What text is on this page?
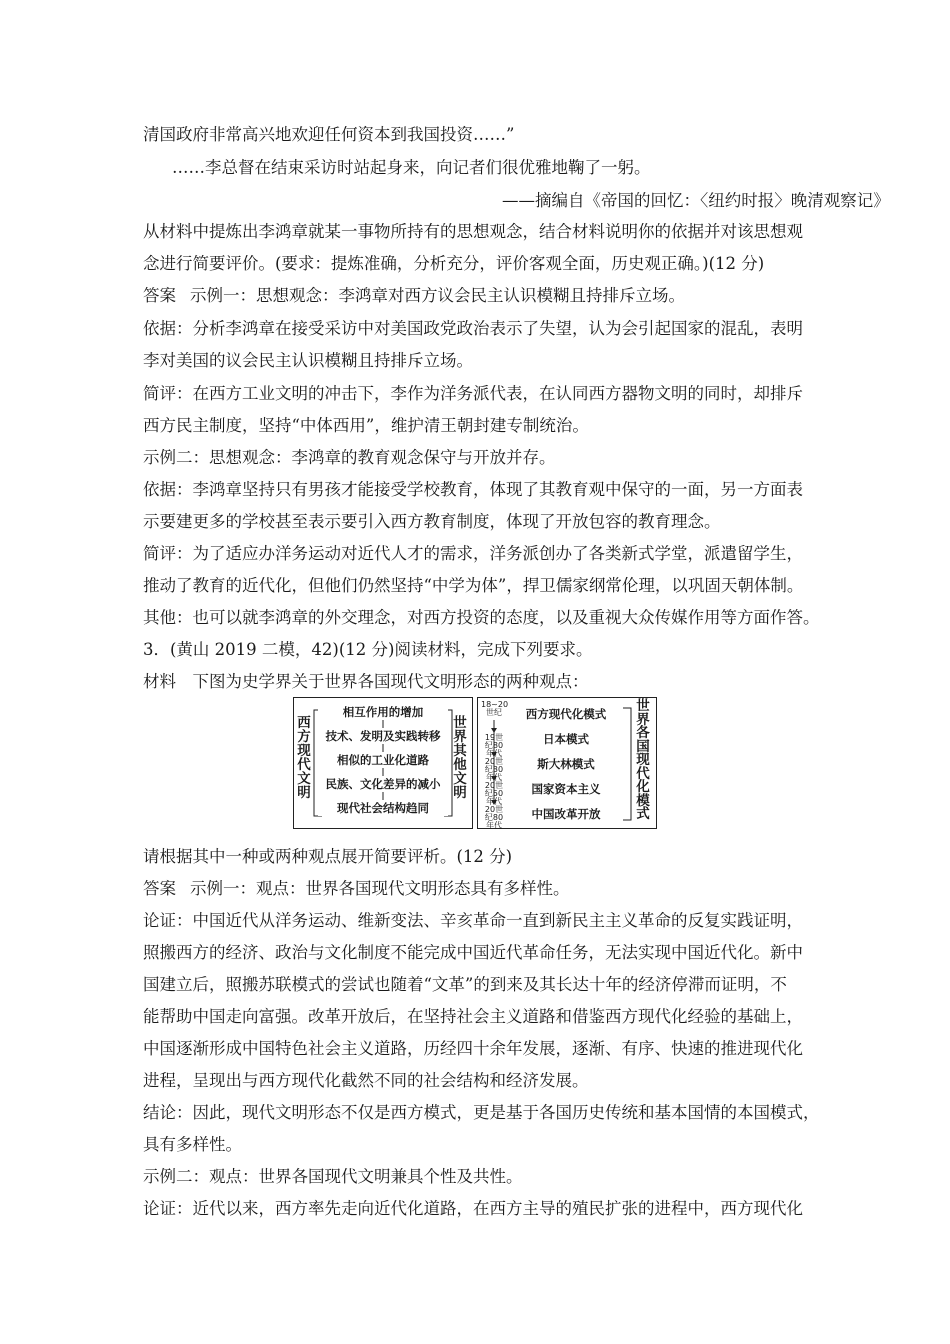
清国政府非常高兴地欢迎任何资本到我国投资……”
……李总督在结束采访时站起身来，向记者们很优雅地鞠了一躬。
——摘编自《帝国的回忆：〈纽约时报〉晚清观察记》
从材料中提炼出李鸿章就某一事物所持有的思想观念，结合材料说明你的依据并对该思想观
念进行简要评价。(要求：提炼准确，分析充分，评价客观全面，历史观正确。)(12 分)
答案 示例一：思想观念：李鸿章对西方议会民主认识模糊且持排斥立场。
依据：分析李鸿章在接受采访中对美国政党政治表示了失望，认为会引起国家的混乱，表明
李对美国的议会民主认识模糊且持排斥立场。
简评：在西方工业文明的冲击下，李作为洋务派代表，在认同西方器物文明的同时，却排斥
西方民主制度，坚持“中体西用”，维护清王朝封建专制统治。
示例二：思想观念：李鸿章的教育观念保守与开放并存。
依据：李鸿章坚持只有男孩才能接受学校教育，体现了其教育观中保守的一面，另一方面表
示要建更多的学校甚至表示要引入西方教育制度，体现了开放包容的教育理念。
简评：为了适应办洋务运动对近代人才的需求，洋务派创办了各类新式学堂，派遣留学生，
推动了教育的近代化，但他们仍然坚持“中学为体”，捍卫儒家纲常伦理，以巩固天朝体制。
其他：也可以就李鸿章的外交理念，对西方投资的态度，以及重视大众传媒作用等方面作答。
3．(黄山 2019 二模，42)(12 分)阅读材料，完成下列要求。
材料　下图为史学界关于世界各国现代文明形态的两种观点：
西
方
现
代
文
明
世
界
其
他
文
明
相互作用的增加
技术、发明及实践转移
相似的工业化道路
民族、文化差异的减小
现代社会结构趋同
18~20世纪
19世纪80年代
20世纪30年代
20世纪50年代
20世纪80年代
西方现代化模式
日本模式
斯大林模式
国家资本主义
中国改革开放
世
界
各
国
现
代
化
模
式
请根据其中一种或两种观点展开简要评析。(12 分)
答案 示例一：观点：世界各国现代文明形态具有多样性。
论证：中国近代从洋务运动、维新变法、辛亥革命一直到新民主主义革命的反复实践证明，
照搬西方的经济、政治与文化制度不能完成中国近代革命任务，无法实现中国近代化。新中
国建立后，照搬苏联模式的尝试也随着“文革”的到来及其长达十年的经济停滞而证明，不
能帮助中国走向富强。改革开放后，在坚持社会主义道路和借鉴西方现代化经验的基础上，
中国逐渐形成中国特色社会主义道路，历经四十余年发展，逐渐、有序、快速的推进现代化
进程，呈现出与西方现代化截然不同的社会结构和经济发展。
结论：因此，现代文明形态不仅是西方模式，更是基于各国历史传统和基本国情的本国模式，
具有多样性。
示例二：观点：世界各国现代文明兼具个性及共性。
论证：近代以来，西方率先走向近代化道路，在西方主导的殖民扩张的进程中，西方现代化
